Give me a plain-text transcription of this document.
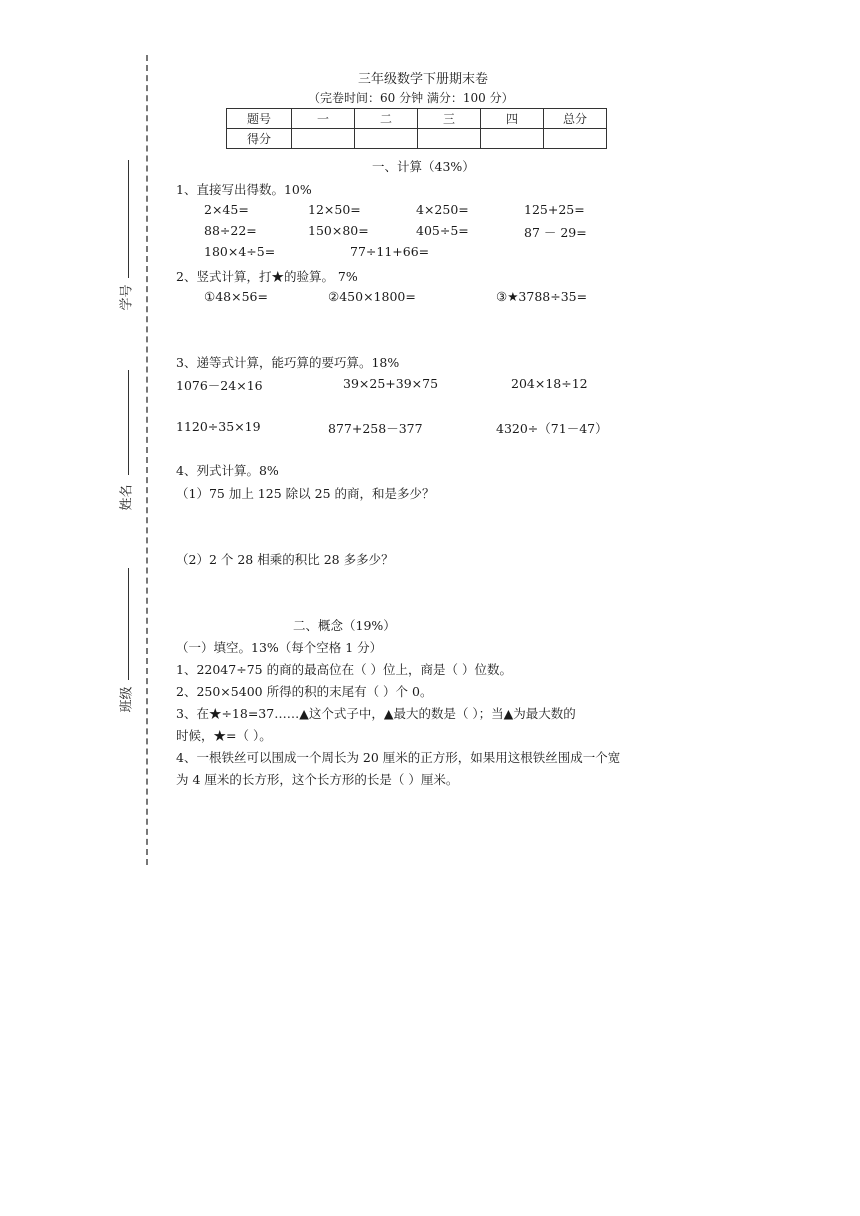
学号
姓名
班级
三年级数学下册期末卷
（完卷时间：60 分钟 满分：100 分）
题号	一	二	三	四	总分
得分					
一、计算（43%）
1、直接写出得数。10%
2×45=	12×50=	4×250=	125+25=
88÷22=	150×80=	405÷5=	87 － 29=
180×4÷5=	77÷11+66=
2、竖式计算，打★的验算。 7%
①48×56=	②450×1800=	③★3788÷35=
3、递等式计算，能巧算的要巧算。18%
1076－24×16	39×25+39×75	204×18÷12
1120÷35×19	877+258－377	4320÷（71－47）
4、列式计算。8%
（1）75 加上 125 除以 25 的商，和是多少？
（2）2 个 28 相乘的积比 28 多多少？
二、概念（19%）
（一）填空。13%（每个空格 1 分）
1、22047÷75 的商的最高位在（ ）位上，商是（ ）位数。
2、250×5400 所得的积的末尾有（ ）个 0。
3、在★÷18=37……▲这个式子中，▲最大的数是（ ）；当▲为最大数的
时候，★=（ ）。
4、一根铁丝可以围成一个周长为 20 厘米的正方形，如果用这根铁丝围成一个宽
为 4 厘米的长方形，这个长方形的长是（ ）厘米。
